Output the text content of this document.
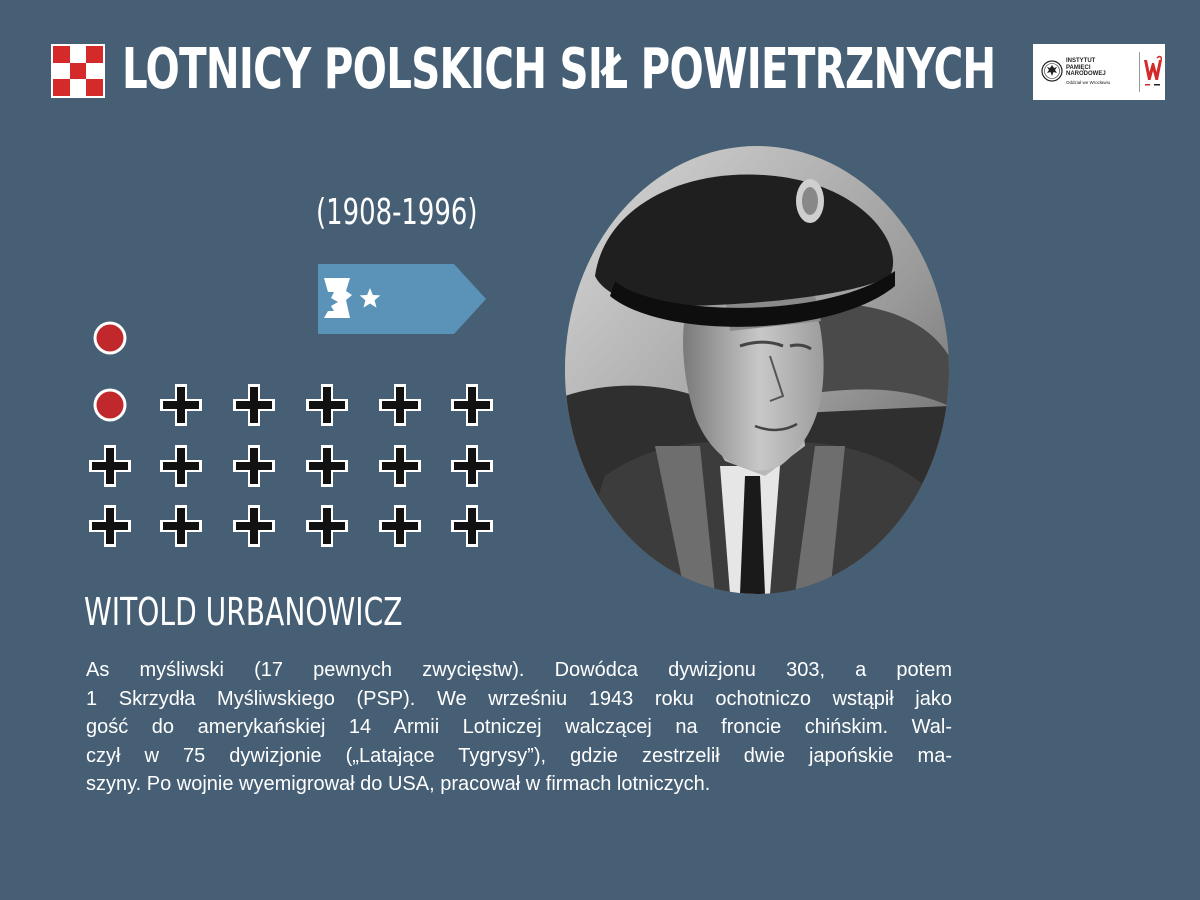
LOTNICY POLSKICH SIŁ POWIETRZNYCH	INSTYTUT
PAMIĘCI
NARODOWEJ
Oddział we Wrocławiu
(1908-1996)
WITOLD URBANOWICZ
As myśliwski (17 pewnych zwycięstw). Dowódca dywizjonu 303, a potem
1 Skrzydła Myśliwskiego (PSP). We wrześniu 1943 roku ochotniczo wstąpił jako
gość do amerykańskiej 14 Armii Lotniczej walczącej na froncie chińskim. Wal-
czył w 75 dywizjonie („Latające Tygrysy”), gdzie zestrzelił dwie japońskie ma-
szyny. Po wojnie wyemigrował do USA, pracował w firmach lotniczych.
